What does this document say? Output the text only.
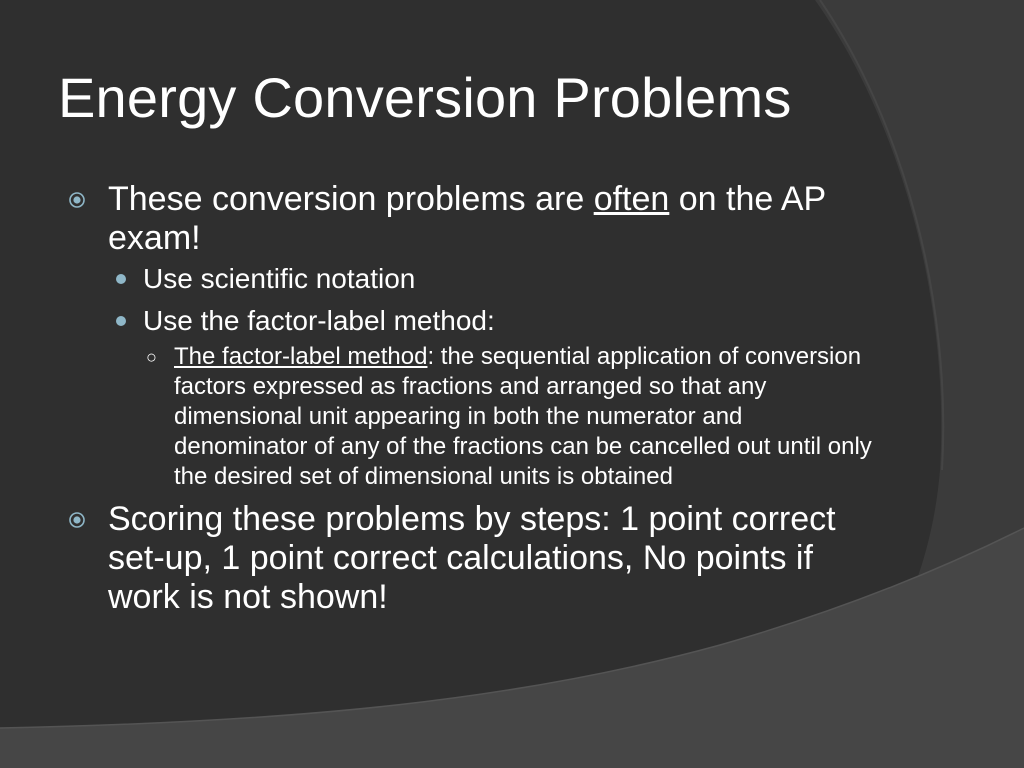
Energy Conversion Problems
These conversion problems are often on the AP exam!
Use scientific notation
Use the factor-label method:
○ The factor-label method: the sequential application of conversion factors expressed as fractions and arranged so that any dimensional unit appearing in both the numerator and denominator of any of the fractions can be cancelled out until only the desired set of dimensional units is obtained
Scoring these problems by steps: 1 point correct set-up, 1 point correct calculations, No points if work is not shown!
